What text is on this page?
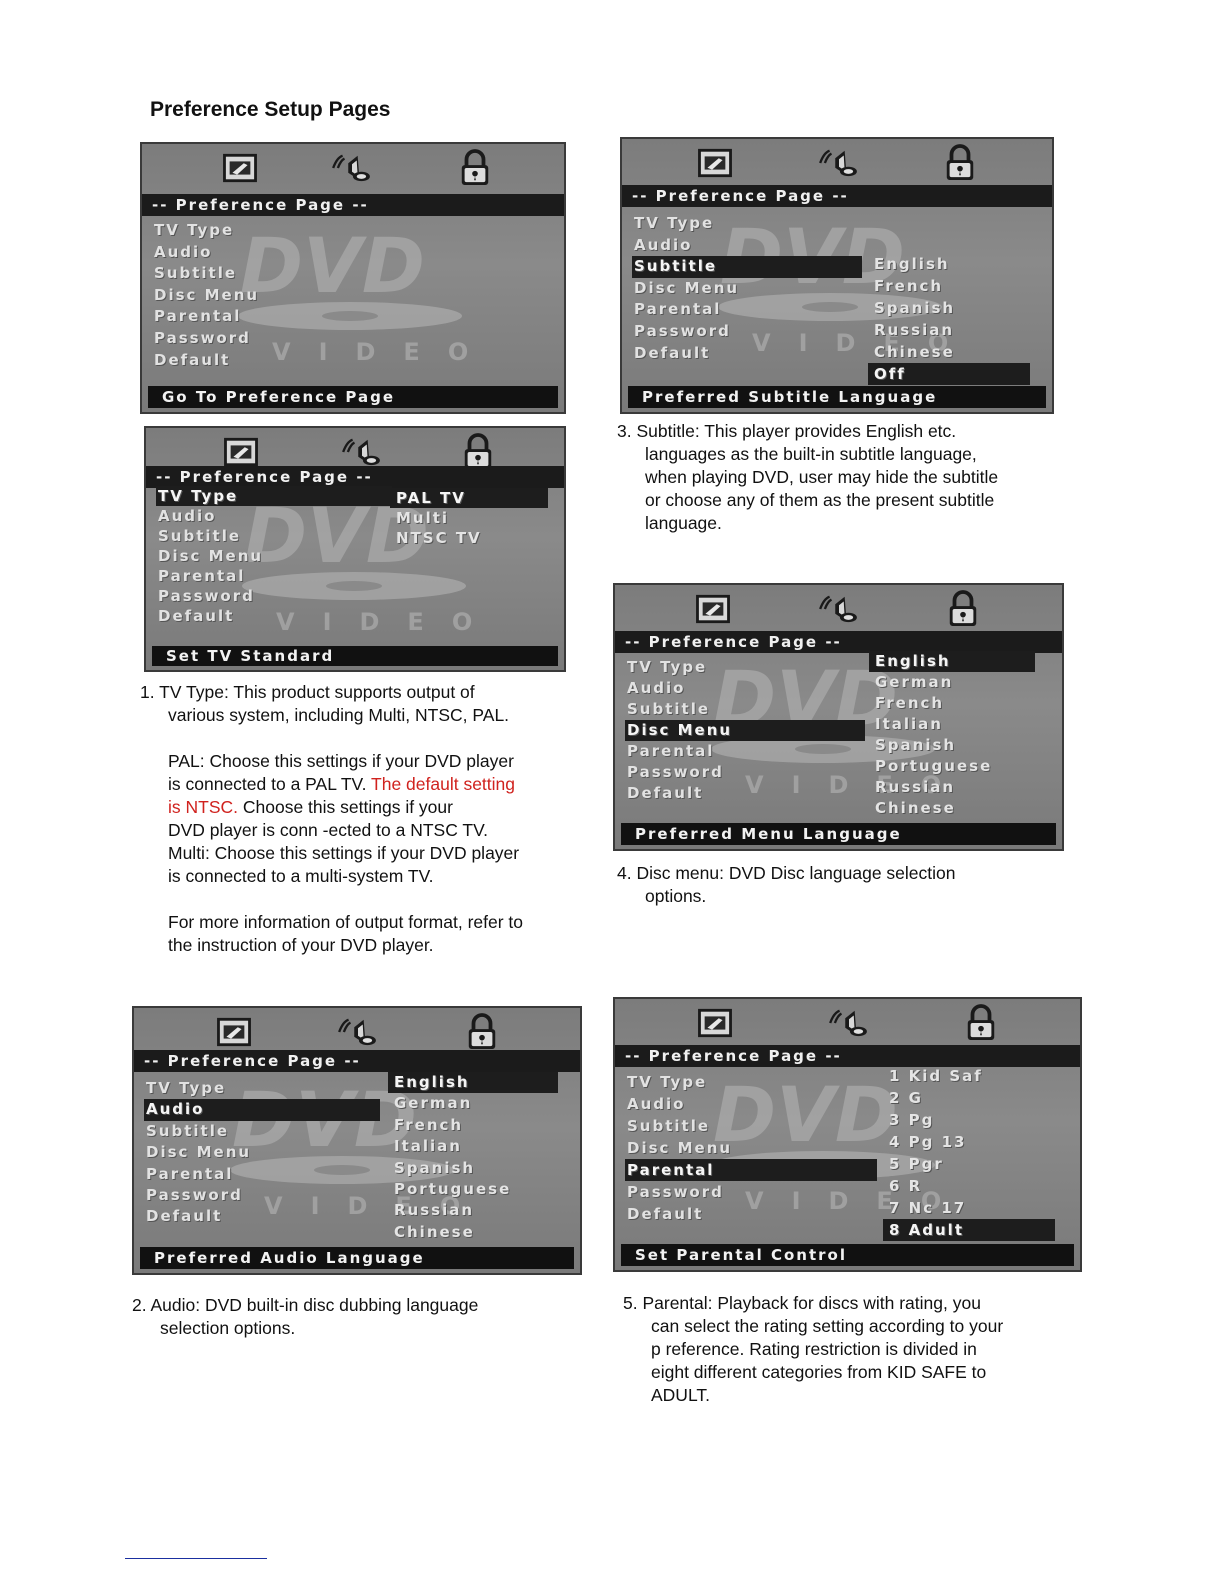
Preference Setup Pages
-- Preference Page --
TV Type
Audio
Subtitle
Disc Menu
Parental
Password
Default
Go To Preference Page
-- Preference Page --
TV Type
Audio
Subtitle
Disc Menu
Parental
Password
Default
PAL TV
Multi
NTSC TV
Set TV Standard

1. TV Type: This product supports output of

various system, including Multi, NTSC, PAL.

PAL: Choose this settings if your DVD player

is connected to a PAL TV. The default setting

is NTSC. Choose this settings if your

DVD player is conn -ected to a NTSC TV.

Multi: Choose this settings if your DVD player

is connected to a multi-system TV.

For more information of output format, refer to

the instruction of your DVD player.

-- Preference Page --
TV Type
Audio
Subtitle
Disc Menu
Parental
Password
Default
English
French
Spanish
Russian
Chinese
Off
Preferred Subtitle Language

3. Subtitle: This player provides English etc.

languages as the built-in subtitle language,

when playing DVD, user may hide the subtitle

or choose any of them as the present subtitle

language.

-- Preference Page --
TV Type
Audio
Subtitle
Disc Menu
Parental
Password
Default
English
German
French
Italian
Spanish
Portuguese
Russian
Chinese
Preferred Menu Language

4. Disc menu: DVD Disc language selection

options.

-- Preference Page --
TV Type
Audio
Subtitle
Disc Menu
Parental
Password
Default
English
German
French
Italian
Spanish
Portuguese
Russian
Chinese
Preferred Audio Language

2. Audio: DVD built-in disc dubbing language

selection options.

-- Preference Page --
TV Type
Audio
Subtitle
Disc Menu
Parental
Password
Default
1 Kid Saf
2 G
3 Pg
4 Pg 13
5 Pgr
6 R
7 Nc 17
8 Adult
Set Parental Control

5. Parental: Playback for discs with rating, you

can select the rating setting according to your

p reference. Rating restriction is divided in

eight different categories from KID SAFE to

ADULT.
